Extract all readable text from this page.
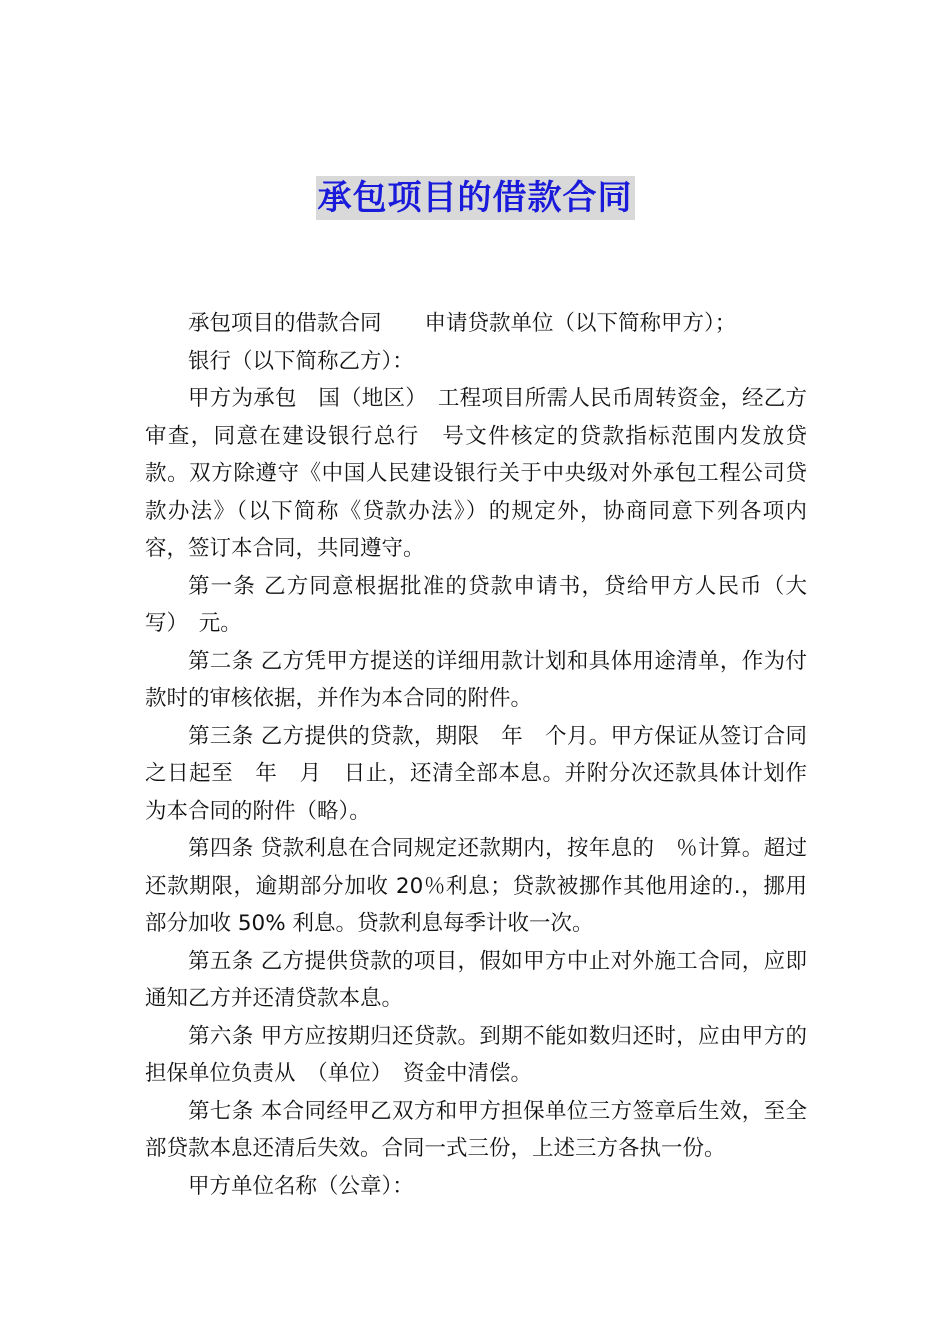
承包项目的借款合同

承包项目的借款合同　　申请贷款单位（以下简称甲方）；

银行（以下简称乙方）：

甲方为承包　国（地区）　工程项目所需人民币周转资金，经乙方审查，同意在建设银行总行　号文件核定的贷款指标范围内发放贷款。双方除遵守《中国人民建设银行关于中央级对外承包工程公司贷款办法》（以下简称《贷款办法》）的规定外，协商同意下列各项内容，签订本合同，共同遵守。

第一条 乙方同意根据批准的贷款申请书，贷给甲方人民币（大写）　元。

第二条 乙方凭甲方提送的详细用款计划和具体用途清单，作为付款时的审核依据，并作为本合同的附件。

第三条 乙方提供的贷款，期限　年　个月。甲方保证从签订合同之日起至　年　月　日止，还清全部本息。并附分次还款具体计划作为本合同的附件（略）。

第四条 贷款利息在合同规定还款期内，按年息的　％计算。超过还款期限，逾期部分加收 20％利息；贷款被挪作其他用途的.，挪用部分加收 50% 利息。贷款利息每季计收一次。

第五条 乙方提供贷款的项目，假如甲方中止对外施工合同，应即通知乙方并还清贷款本息。

第六条 甲方应按期归还贷款。到期不能如数归还时，应由甲方的担保单位负责从　（单位）　资金中清偿。

第七条 本合同经甲乙双方和甲方担保单位三方签章后生效，至全部贷款本息还清后失效。合同一式三份，上述三方各执一份。

甲方单位名称（公章）：
